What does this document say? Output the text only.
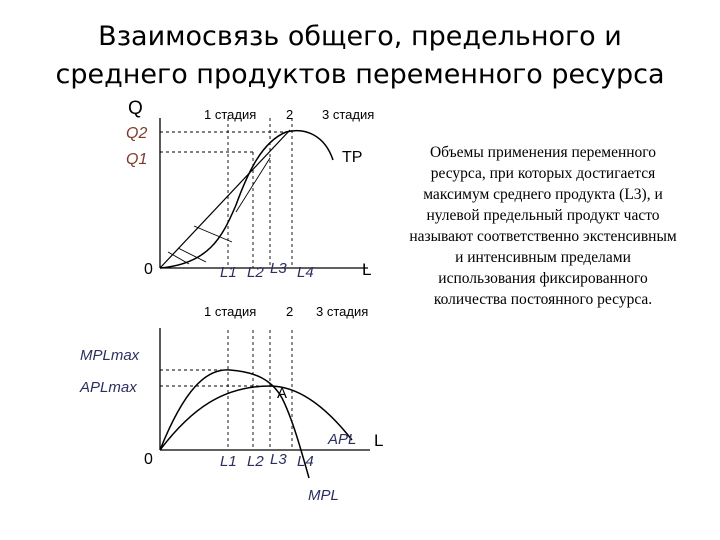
Взаимосвязь общего, предельного и
среднего продуктов переменного ресурса
Объемы применения переменного ресурса, при которых достигается максимум среднего продукта (L3), и нулевой предельный продукт часто называют соответственно экстенсивным и интенсивным пределами использования фиксированного количества постоянного ресурса.
Q	1 стадия 2 3 стадия
Q2
Q1	TP
0	L
L1 L2 L3 L4
1 стадия 2 3 стадия
MPLmax
APLmax	A
APL
0
L
L1 L2 L3 L4
MPL
